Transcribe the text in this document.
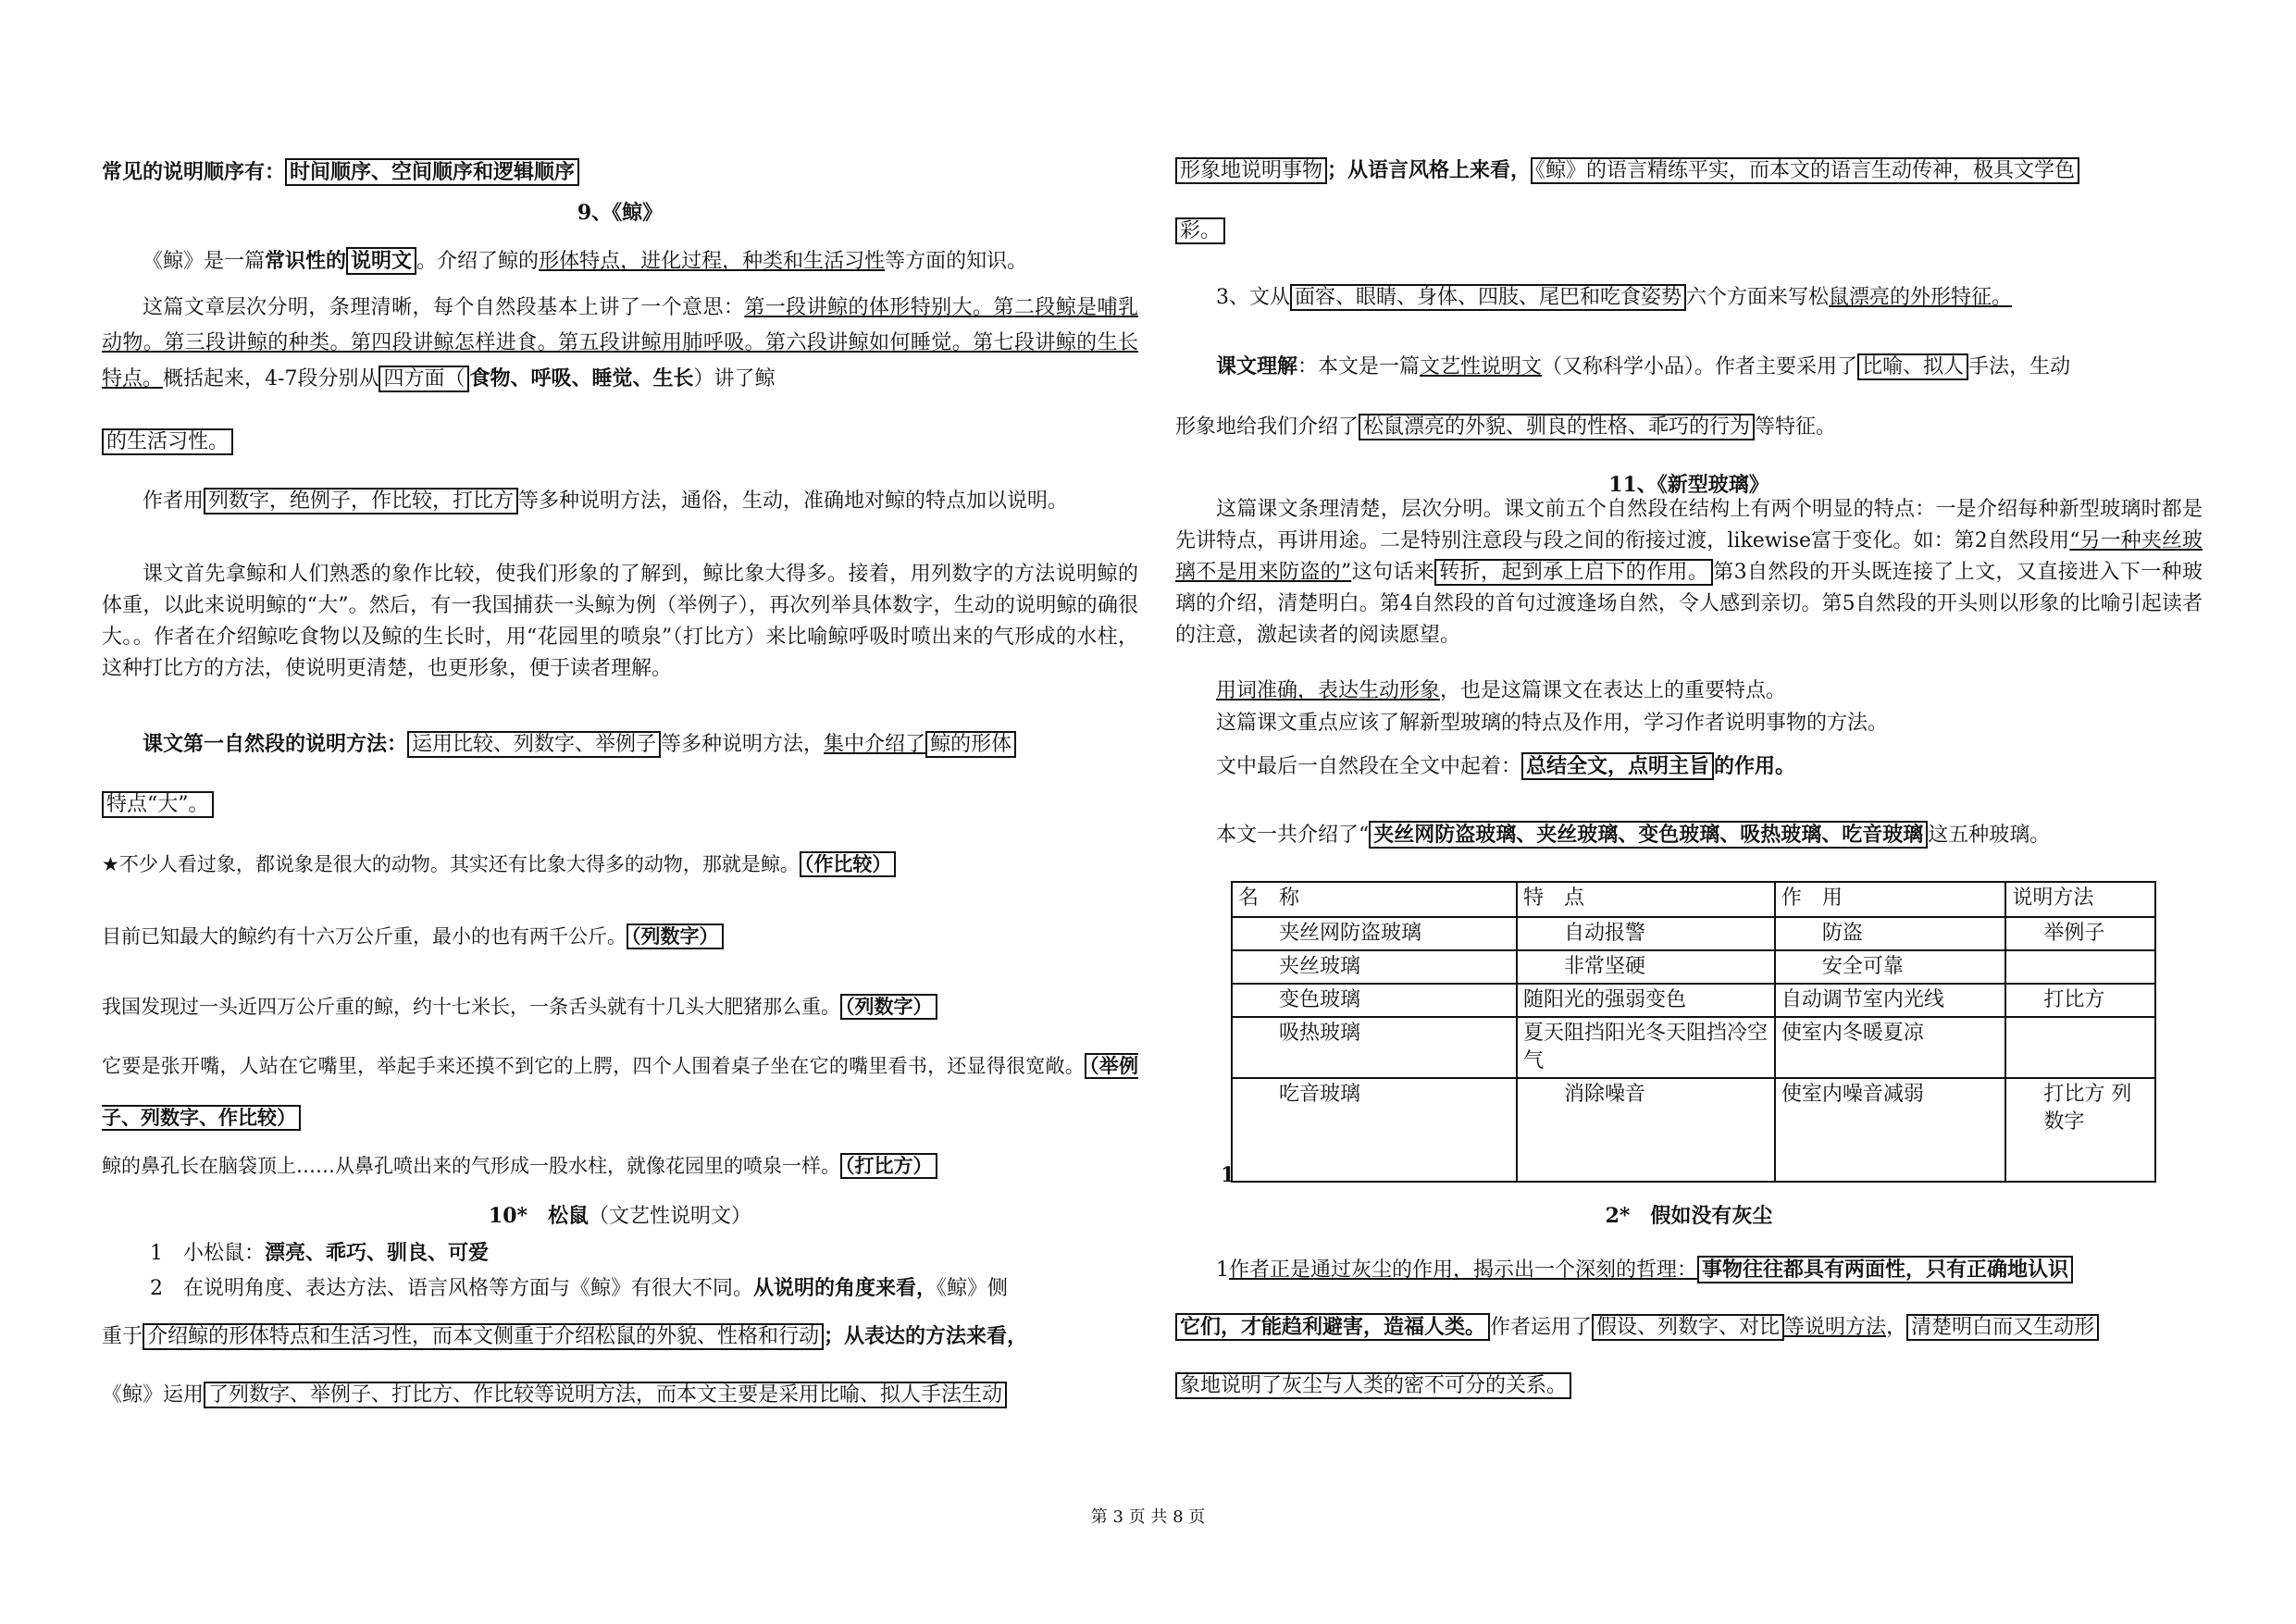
常见的说明顺序有： 时间顺序、空间顺序和逻辑顺序
9、《鲸》
《鲸》是一篇常识性的 说明文 。介绍了鲸的形体特点，进化过程，种类和生活习性等方面的知识。
这篇文章层次分明，条理清晰，每个自然段基本上讲了一个意思：第一段讲鲸的体形特别大。第二段鲸是哺乳动物。第三段讲鲸的种类。第四段讲鲸怎样进食。第五段讲鲸用肺呼吸。第六段讲鲸如何睡觉。第七段讲鲸的生长特点。概括起来，4-7段分别从 四方面（ 食物、呼吸、睡觉、生长）讲了鲸
的生活习性。
作者用 列数字，绝例子，作比较，打比方 等多种说明方法，通俗，生动，准确地对鲸的特点加以说明。
课文首先拿鲸和人们熟悉的象作比较，使我们形象的了解到，鲸比象大得多。接着，用列数字的方法说明鲸的体重，以此来说明鲸的“大”。然后，有一我国捕获一头鲸为例（举例子），再次列举具体数字，生动的说明鲸的确很大。。作者在介绍鲸吃食物以及鲸的生长时，用“花园里的喷泉”（打比方）来比喻鲸呼吸时喷出来的气形成的水柱，这种打比方的方法，使说明更清楚，也更形象，便于读者理解。
课文第一自然段的说明方法： 运用比较、列数字、举例子 等多种说明方法，集中介绍了 鲸的形体
特点“大”。
★不少人看过象，都说象是很大的动物。其实还有比象大得多的动物，那就是鲸。 （作比较）
目前已知最大的鲸约有十六万公斤重，最小的也有两千公斤。 （列数字）
我国发现过一头近四万公斤重的鲸，约十七米长，一条舌头就有十几头大肥猪那么重。 （列数字）
它要是张开嘴，人站在它嘴里，举起手来还摸不到它的上腭，四个人围着桌子坐在它的嘴里看书，还显得很宽敞。 （举例子、列数字、作比较）
鲸的鼻孔长在脑袋顶上……从鼻孔喷出来的气形成一股水柱，就像花园里的喷泉一样。 （打比方）
10*　松鼠（文艺性说明文）
1　小松鼠：漂亮、乖巧、驯良、可爱
2　在说明角度、表达方法、语言风格等方面与《鲸》有很大不同。从说明的角度来看，《鲸》侧
重于 介绍鲸的形体特点和生活习性，而本文侧重于介绍松鼠的外貌、性格和行动 ；从表达的方法来看，
《鲸》运用 了列数字、举例子、打比方、作比较等说明方法，而本文主要是采用比喻、拟人手法生动
形象地说明事物 ；从语言风格上来看， 《鲸》的语言精练平实，而本文的语言生动传神，极具文学色
彩。
3、文从 面容、眼睛、身体、四肢、尾巴和吃食姿势 六个方面来写松鼠漂亮的外形特征。
课文理解：本文是一篇文艺性说明文（又称科学小品）。作者主要采用了 比喻、拟人 手法，生动
形象地给我们介绍了 松鼠漂亮的外貌、驯良的性格、乖巧的行为 等特征。
11、《新型玻璃》
这篇课文条理清楚，层次分明。课文前五个自然段在结构上有两个明显的特点：一是介绍每种新型玻璃时都是先讲特点，再讲用途。二是特别注意段与段之间的衔接过渡，likewise富于变化。如：第2自然段用“另一种夹丝玻璃不是用来防盗的”这句话来 转折，起到承上启下的作用。 第3自然段的开头既连接了上文，又直接进入下一种玻璃的介绍，清楚明白。第4自然段的首句过渡逢场自然，令人感到亲切。第5自然段的开头则以形象的比喻引起读者的注意，激起读者的阅读愿望。
用词准确，表达生动形象，也是这篇课文在表达上的重要特点。
这篇课文重点应该了解新型玻璃的特点及作用，学习作者说明事物的方法。
文中最后一自然段在全文中起着： 总结全文，点明主旨 的作用。
本文一共介绍了“ 夹丝网防盗玻璃、夹丝玻璃、变色玻璃、吸热玻璃、吃音玻璃 这五种玻璃。
名　称	特　点	作　用	说明方法
夹丝网防盗玻璃	自动报警	防盗	举例子
夹丝玻璃	非常坚硬	安全可靠	
变色玻璃	随阳光的强弱变色	自动调节室内光线	打比方
吸热玻璃	夏天阻挡阳光冬天阻挡冷空气	使室内冬暖夏凉	
吃音玻璃	消除噪音	使室内噪音减弱	打比方 列数字
1
2*　假如没有灰尘
1作者正是通过灰尘的作用，揭示出一个深刻的哲理： 事物往往都具有两面性，只有正确地认识
它们，才能趋利避害，造福人类。 作者运用了 假设、列数字、对比 等说明方法， 清楚明白而又生动形
象地说明了灰尘与人类的密不可分的关系。
第 3 页 共 8 页
